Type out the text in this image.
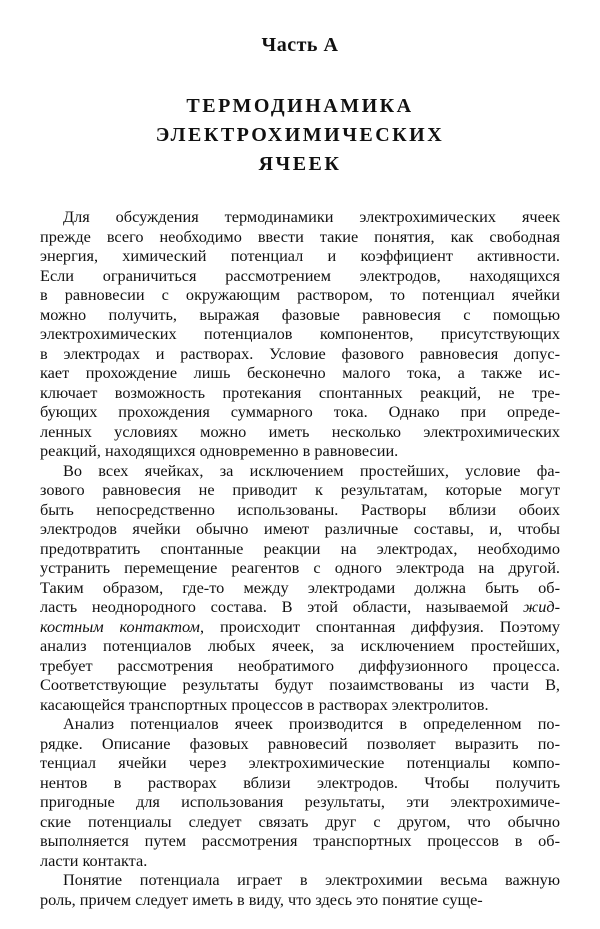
Часть А
ТЕРМОДИНАМИКА ЭЛЕКТРОХИМИЧЕСКИХ
ЯЧЕЕК
Для обсуждения термодинамики электрохимических ячеек
прежде всего необходимо ввести такие понятия, как свободная
энергия, химический потенциал и коэффициент активности.
Если ограничиться рассмотрением электродов, находящихся
в равновесии с окружающим раствором, то потенциал ячейки
можно получить, выражая фазовые равновесия с помощью
электрохимических потенциалов компонентов, присутствующих
в электродах и растворах. Условие фазового равновесия допус-
кает прохождение лишь бесконечно малого тока, а также ис-
ключает возможность протекания спонтанных реакций, не тре-
бующих прохождения суммарного тока. Однако при опреде-
ленных условиях можно иметь несколько электрохимических
реакций, находящихся одновременно в равновесии.
Во всех ячейках, за исключением простейших, условие фа-
зового равновесия не приводит к результатам, которые могут
быть непосредственно использованы. Растворы вблизи обоих
электродов ячейки обычно имеют различные составы, и, чтобы
предотвратить спонтанные реакции на электродах, необходимо
устранить перемещение реагентов с одного электрода на другой.
Таким образом, где-то между электродами должна быть об-
ласть неоднородного состава. В этой области, называемой жид-
костным контактом, происходит спонтанная диффузия. Поэтому
анализ потенциалов любых ячеек, за исключением простейших,
требует рассмотрения необратимого диффузионного процесса.
Соответствующие результаты будут позаимствованы из части В,
касающейся транспортных процессов в растворах электролитов.
Анализ потенциалов ячеек производится в определенном по-
рядке. Описание фазовых равновесий позволяет выразить по-
тенциал ячейки через электрохимические потенциалы компо-
нентов в растворах вблизи электродов. Чтобы получить
пригодные для использования результаты, эти электрохимиче-
ские потенциалы следует связать друг с другом, что обычно
выполняется путем рассмотрения транспортных процессов в об-
ласти контакта.
Понятие потенциала играет в электрохимии весьма важную
роль, причем следует иметь в виду, что здесь это понятие суще-
